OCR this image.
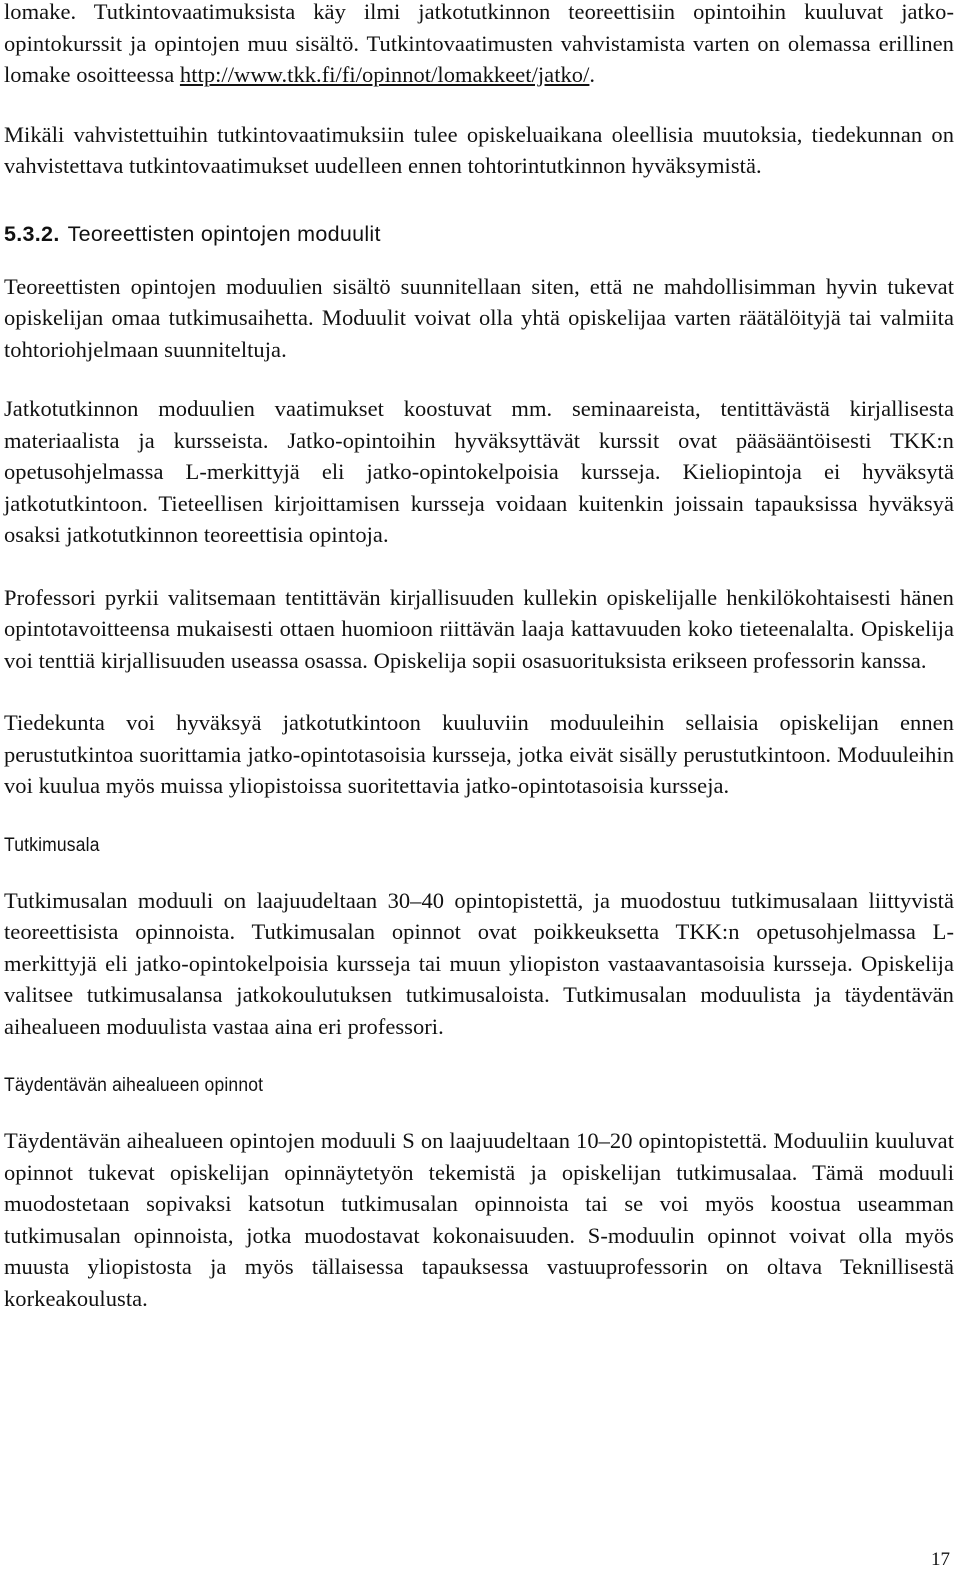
lomake. Tutkintovaatimuksista käy ilmi jatkotutkinnon teoreettisiin opintoihin kuuluvat jatko-opintokurssit ja opintojen muu sisältö. Tutkintovaatimusten vahvistamista varten on olemassa erillinen lomake osoitteessa http://www.tkk.fi/fi/opinnot/lomakkeet/jatko/.

Mikäli vahvistettuihin tutkintovaatimuksiin tulee opiskeluaikana oleellisia muutoksia, tiedekunnan on vahvistettava tutkintovaatimukset uudelleen ennen tohtorintutkinnon hyväksymistä.

5.3.2. Teoreettisten opintojen moduulit

Teoreettisten opintojen moduulien sisältö suunnitellaan siten, että ne mahdollisimman hyvin tukevat opiskelijan omaa tutkimusaihetta. Moduulit voivat olla yhtä opiskelijaa varten räätälöityjä tai valmiita tohtoriohjelmaan suunniteltuja.

Jatkotutkinnon moduulien vaatimukset koostuvat mm. seminaareista, tentittävästä kirjallisesta materiaalista ja kursseista. Jatko-opintoihin hyväksyttävät kurssit ovat pääsääntöisesti TKK:n opetusohjelmassa L-merkittyjä eli jatko-opintokelpoisia kursseja. Kieliopintoja ei hyväksytä jatkotutkintoon. Tieteellisen kirjoittamisen kursseja voidaan kuitenkin joissain tapauksissa hyväksyä osaksi jatkotutkinnon teoreettisia opintoja.

Professori pyrkii valitsemaan tentittävän kirjallisuuden kullekin opiskelijalle henkilökohtaisesti hänen opintotavoitteensa mukaisesti ottaen huomioon riittävän laaja kattavuuden koko tieteenalalta. Opiskelija voi tenttiä kirjallisuuden useassa osassa. Opiskelija sopii osasuorituksista erikseen professorin kanssa.

Tiedekunta voi hyväksyä jatkotutkintoon kuuluviin moduuleihin sellaisia opiskelijan ennen perustutkintoa suorittamia jatko-opintotasoisia kursseja, jotka eivät sisälly perustutkintoon. Moduuleihin voi kuulua myös muissa yliopistoissa suoritettavia jatko-opintotasoisia kursseja.

Tutkimusala

Tutkimusalan moduuli on laajuudeltaan 30–40 opintopistettä, ja muodostuu tutkimusalaan liittyvistä teoreettisista opinnoista. Tutkimusalan opinnot ovat poikkeuksetta TKK:n opetusohjelmassa L-merkittyjä eli jatko-opintokelpoisia kursseja tai muun yliopiston vastaavantasoisia kursseja. Opiskelija valitsee tutkimusalansa jatkokoulutuksen tutkimusaloista. Tutkimusalan moduulista ja täydentävän aihealueen moduulista vastaa aina eri professori.

Täydentävän aihealueen opinnot

Täydentävän aihealueen opintojen moduuli S on laajuudeltaan 10–20 opintopistettä. Moduuliin kuuluvat opinnot tukevat opiskelijan opinnäytetyön tekemistä ja opiskelijan tutkimusalaa. Tämä moduuli muodostetaan sopivaksi katsotun tutkimusalan opinnoista tai se voi myös koostua useamman tutkimusalan opinnoista, jotka muodostavat kokonaisuuden. S-moduulin opinnot voivat olla myös muusta yliopistosta ja myös tällaisessa tapauksessa vastuuprofessorin on oltava Teknillisestä korkeakoulusta.

17
